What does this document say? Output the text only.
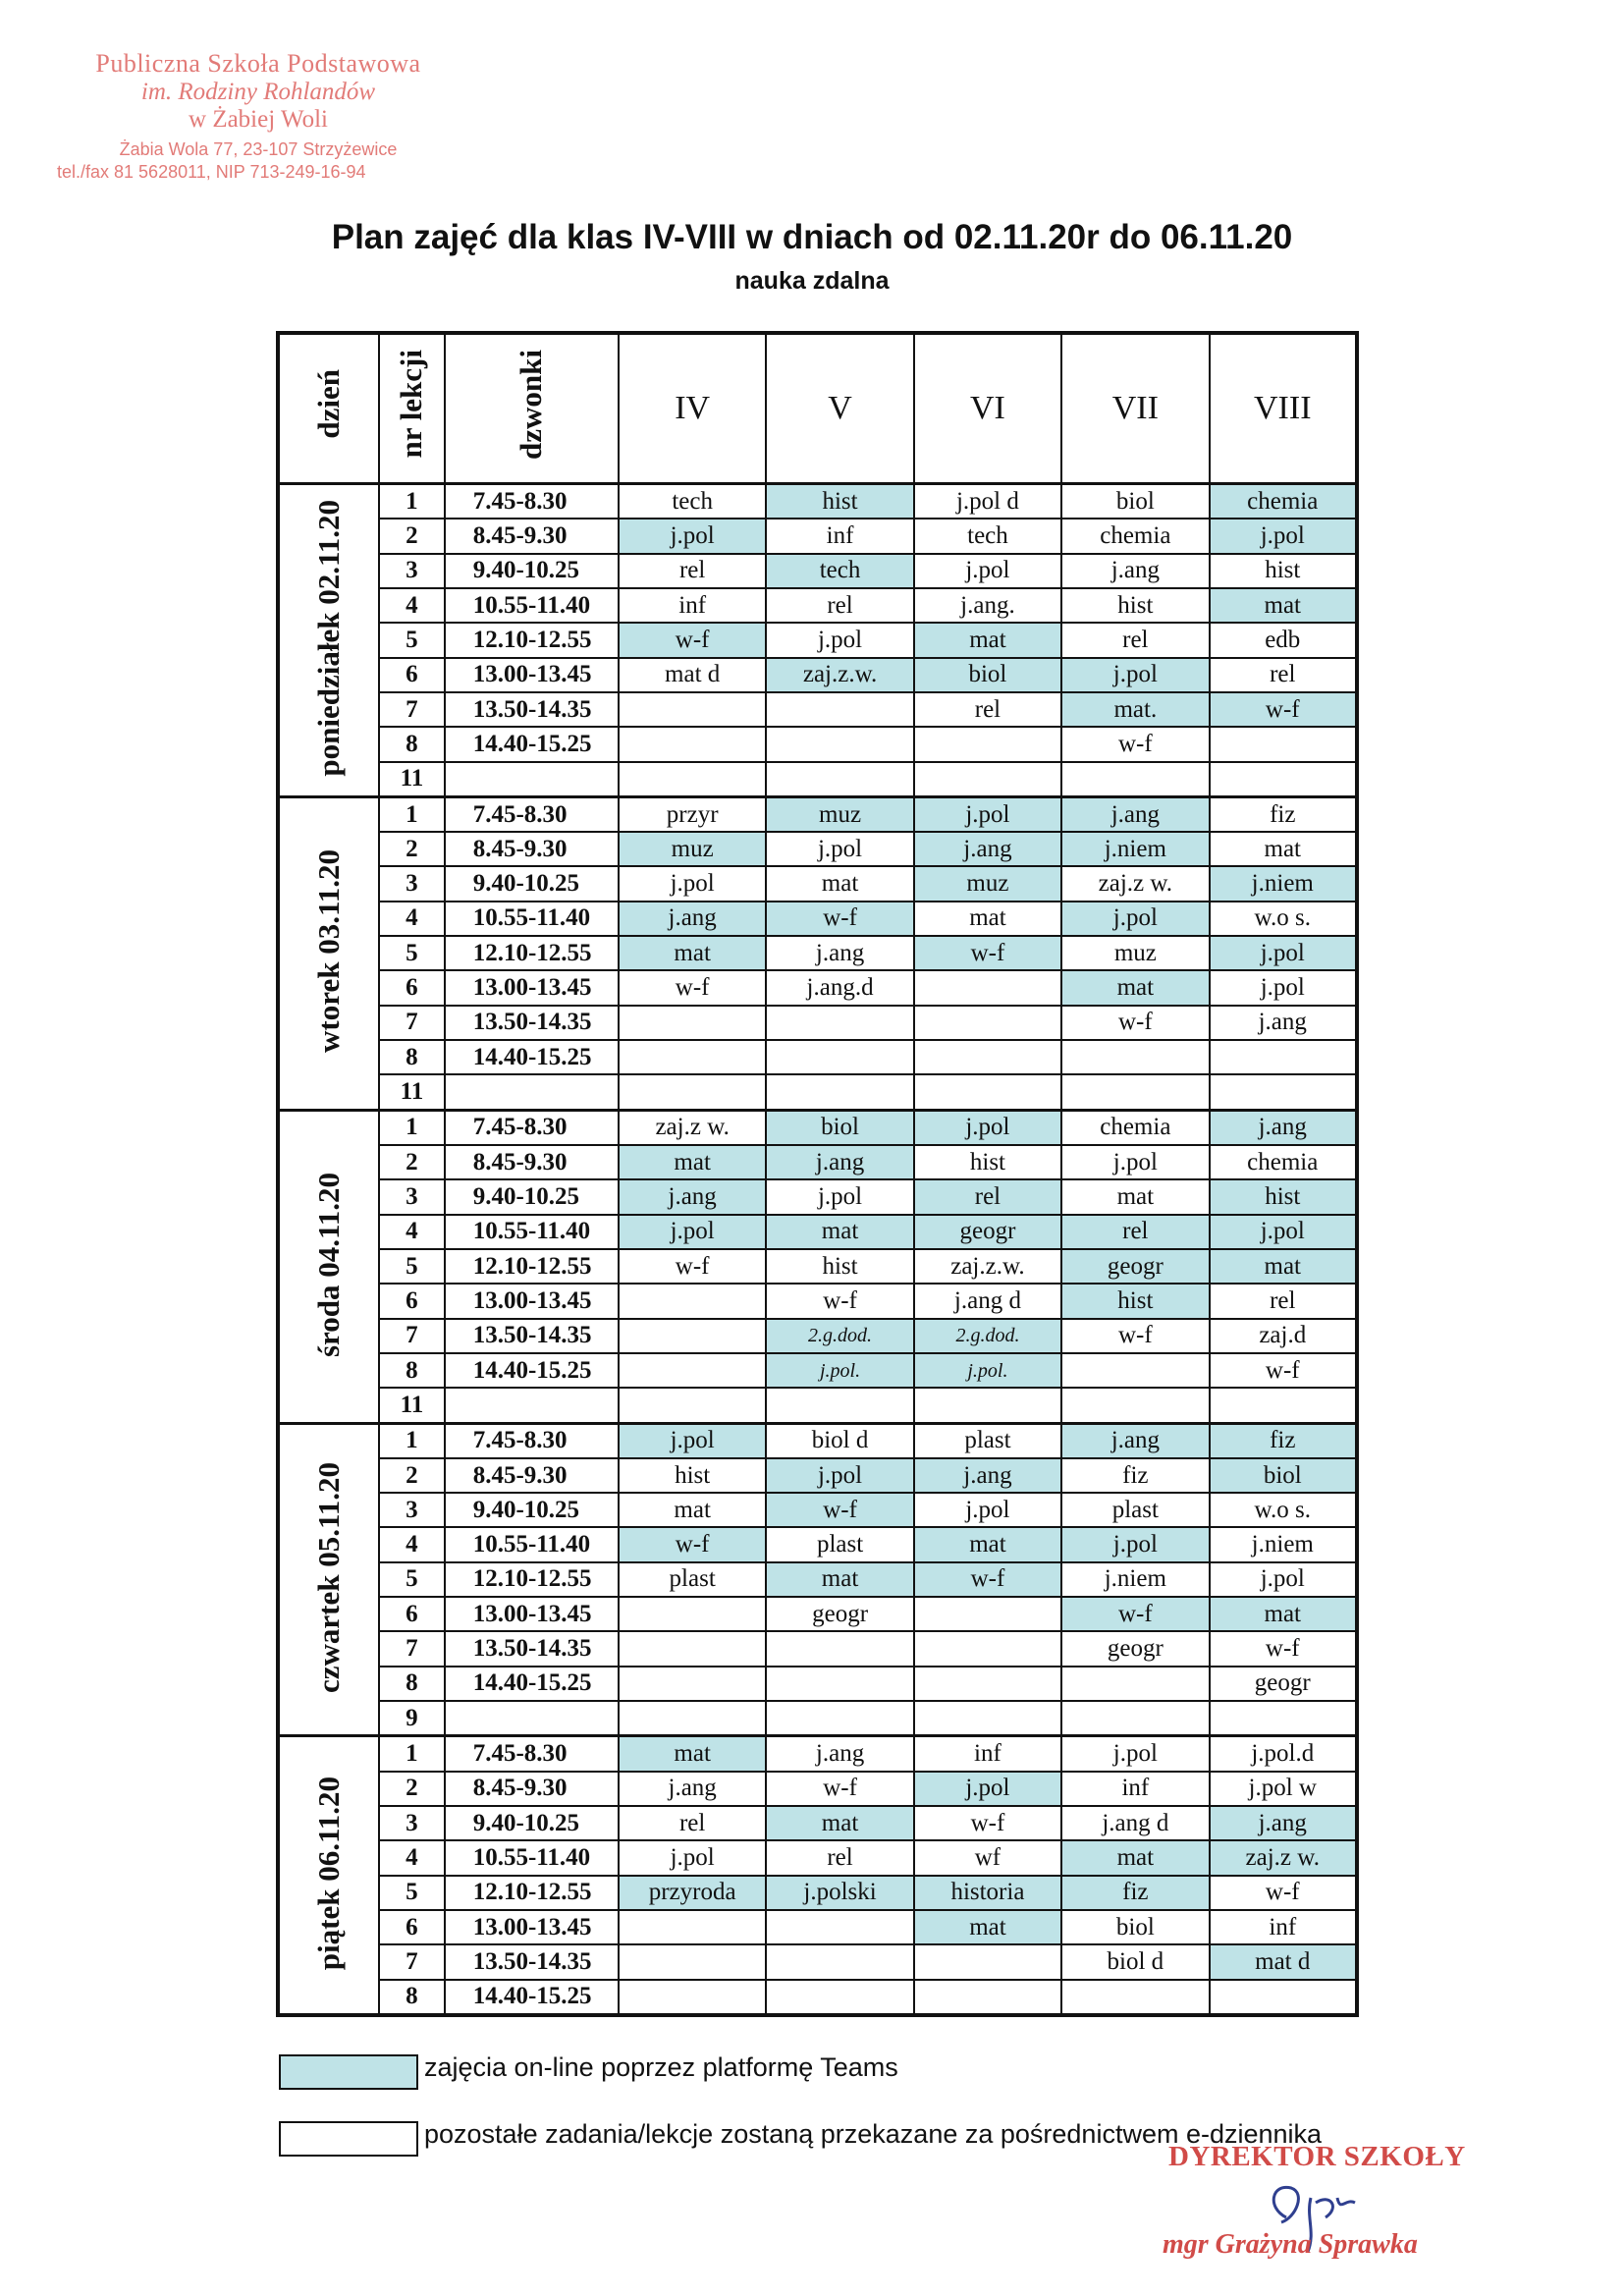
Publiczna Szkoła Podstawowa
im. Rodziny Rohlandów
w Żabiej Woli
Żabia Wola 77, 23-107 Strzyżewice
tel./fax 81 5628011, NIP 713-249-16-94
Plan zajęć dla klas IV-VIII w dniach od 02.11.20r do 06.11.20
nauka zdalna
dzień	nr lekcji	dzwonki	IV	V	VI	VII	VIII
poniedziałek 02.11.20	1	7.45-8.30	tech	hist	j.pol d	biol	chemia
	2	8.45-9.30	j.pol	inf	tech	chemia	j.pol
	3	9.40-10.25	rel	tech	j.pol	j.ang	hist
	4	10.55-11.40	inf	rel	j.ang.	hist	mat
	5	12.10-12.55	w-f	j.pol	mat	rel	edb
	6	13.00-13.45	mat d	zaj.z.w.	biol	j.pol	rel
	7	13.50-14.35			rel	mat.	w-f
	8	14.40-15.25				w-f	
	11						
wtorek 03.11.20	1	7.45-8.30	przyr	muz	j.pol	j.ang	fiz
	2	8.45-9.30	muz	j.pol	j.ang	j.niem	mat
	3	9.40-10.25	j.pol	mat	muz	zaj.z w.	j.niem
	4	10.55-11.40	j.ang	w-f	mat	j.pol	w.o s.
	5	12.10-12.55	mat	j.ang	w-f	muz	j.pol
	6	13.00-13.45	w-f	j.ang.d		mat	j.pol
	7	13.50-14.35				w-f	j.ang
	8	14.40-15.25					
	11						
środa 04.11.20	1	7.45-8.30	zaj.z w.	biol	j.pol	chemia	j.ang
	2	8.45-9.30	mat	j.ang	hist	j.pol	chemia
	3	9.40-10.25	j.ang	j.pol	rel	mat	hist
	4	10.55-11.40	j.pol	mat	geogr	rel	j.pol
	5	12.10-12.55	w-f	hist	zaj.z.w.	geogr	mat
	6	13.00-13.45		w-f	j.ang d	hist	rel
	7	13.50-14.35		2.g.dod.	2.g.dod.	w-f	zaj.d
	8	14.40-15.25		j.pol.	j.pol.		w-f
	11						
czwartek 05.11.20	1	7.45-8.30	j.pol	biol d	plast	j.ang	fiz
	2	8.45-9.30	hist	j.pol	j.ang	fiz	biol
	3	9.40-10.25	mat	w-f	j.pol	plast	w.o s.
	4	10.55-11.40	w-f	plast	mat	j.pol	j.niem
	5	12.10-12.55	plast	mat	w-f	j.niem	j.pol
	6	13.00-13.45		geogr		w-f	mat
	7	13.50-14.35				geogr	w-f
	8	14.40-15.25					geogr
	9						
piątek 06.11.20	1	7.45-8.30	mat	j.ang	inf	j.pol	j.pol.d
	2	8.45-9.30	j.ang	w-f	j.pol	inf	j.pol w
	3	9.40-10.25	rel	mat	w-f	j.ang d	j.ang
	4	10.55-11.40	j.pol	rel	wf	mat	zaj.z w.
	5	12.10-12.55	przyroda	j.polski	historia	fiz	w-f
	6	13.00-13.45			mat	biol	inf
	7	13.50-14.35				biol d	mat d
	8	14.40-15.25					
zajęcia on-line poprzez platformę Teams
pozostałe zadania/lekcje zostaną przekazane za pośrednictwem e-dziennika
DYREKTOR SZKOŁY
mgr Grażyna Sprawka
